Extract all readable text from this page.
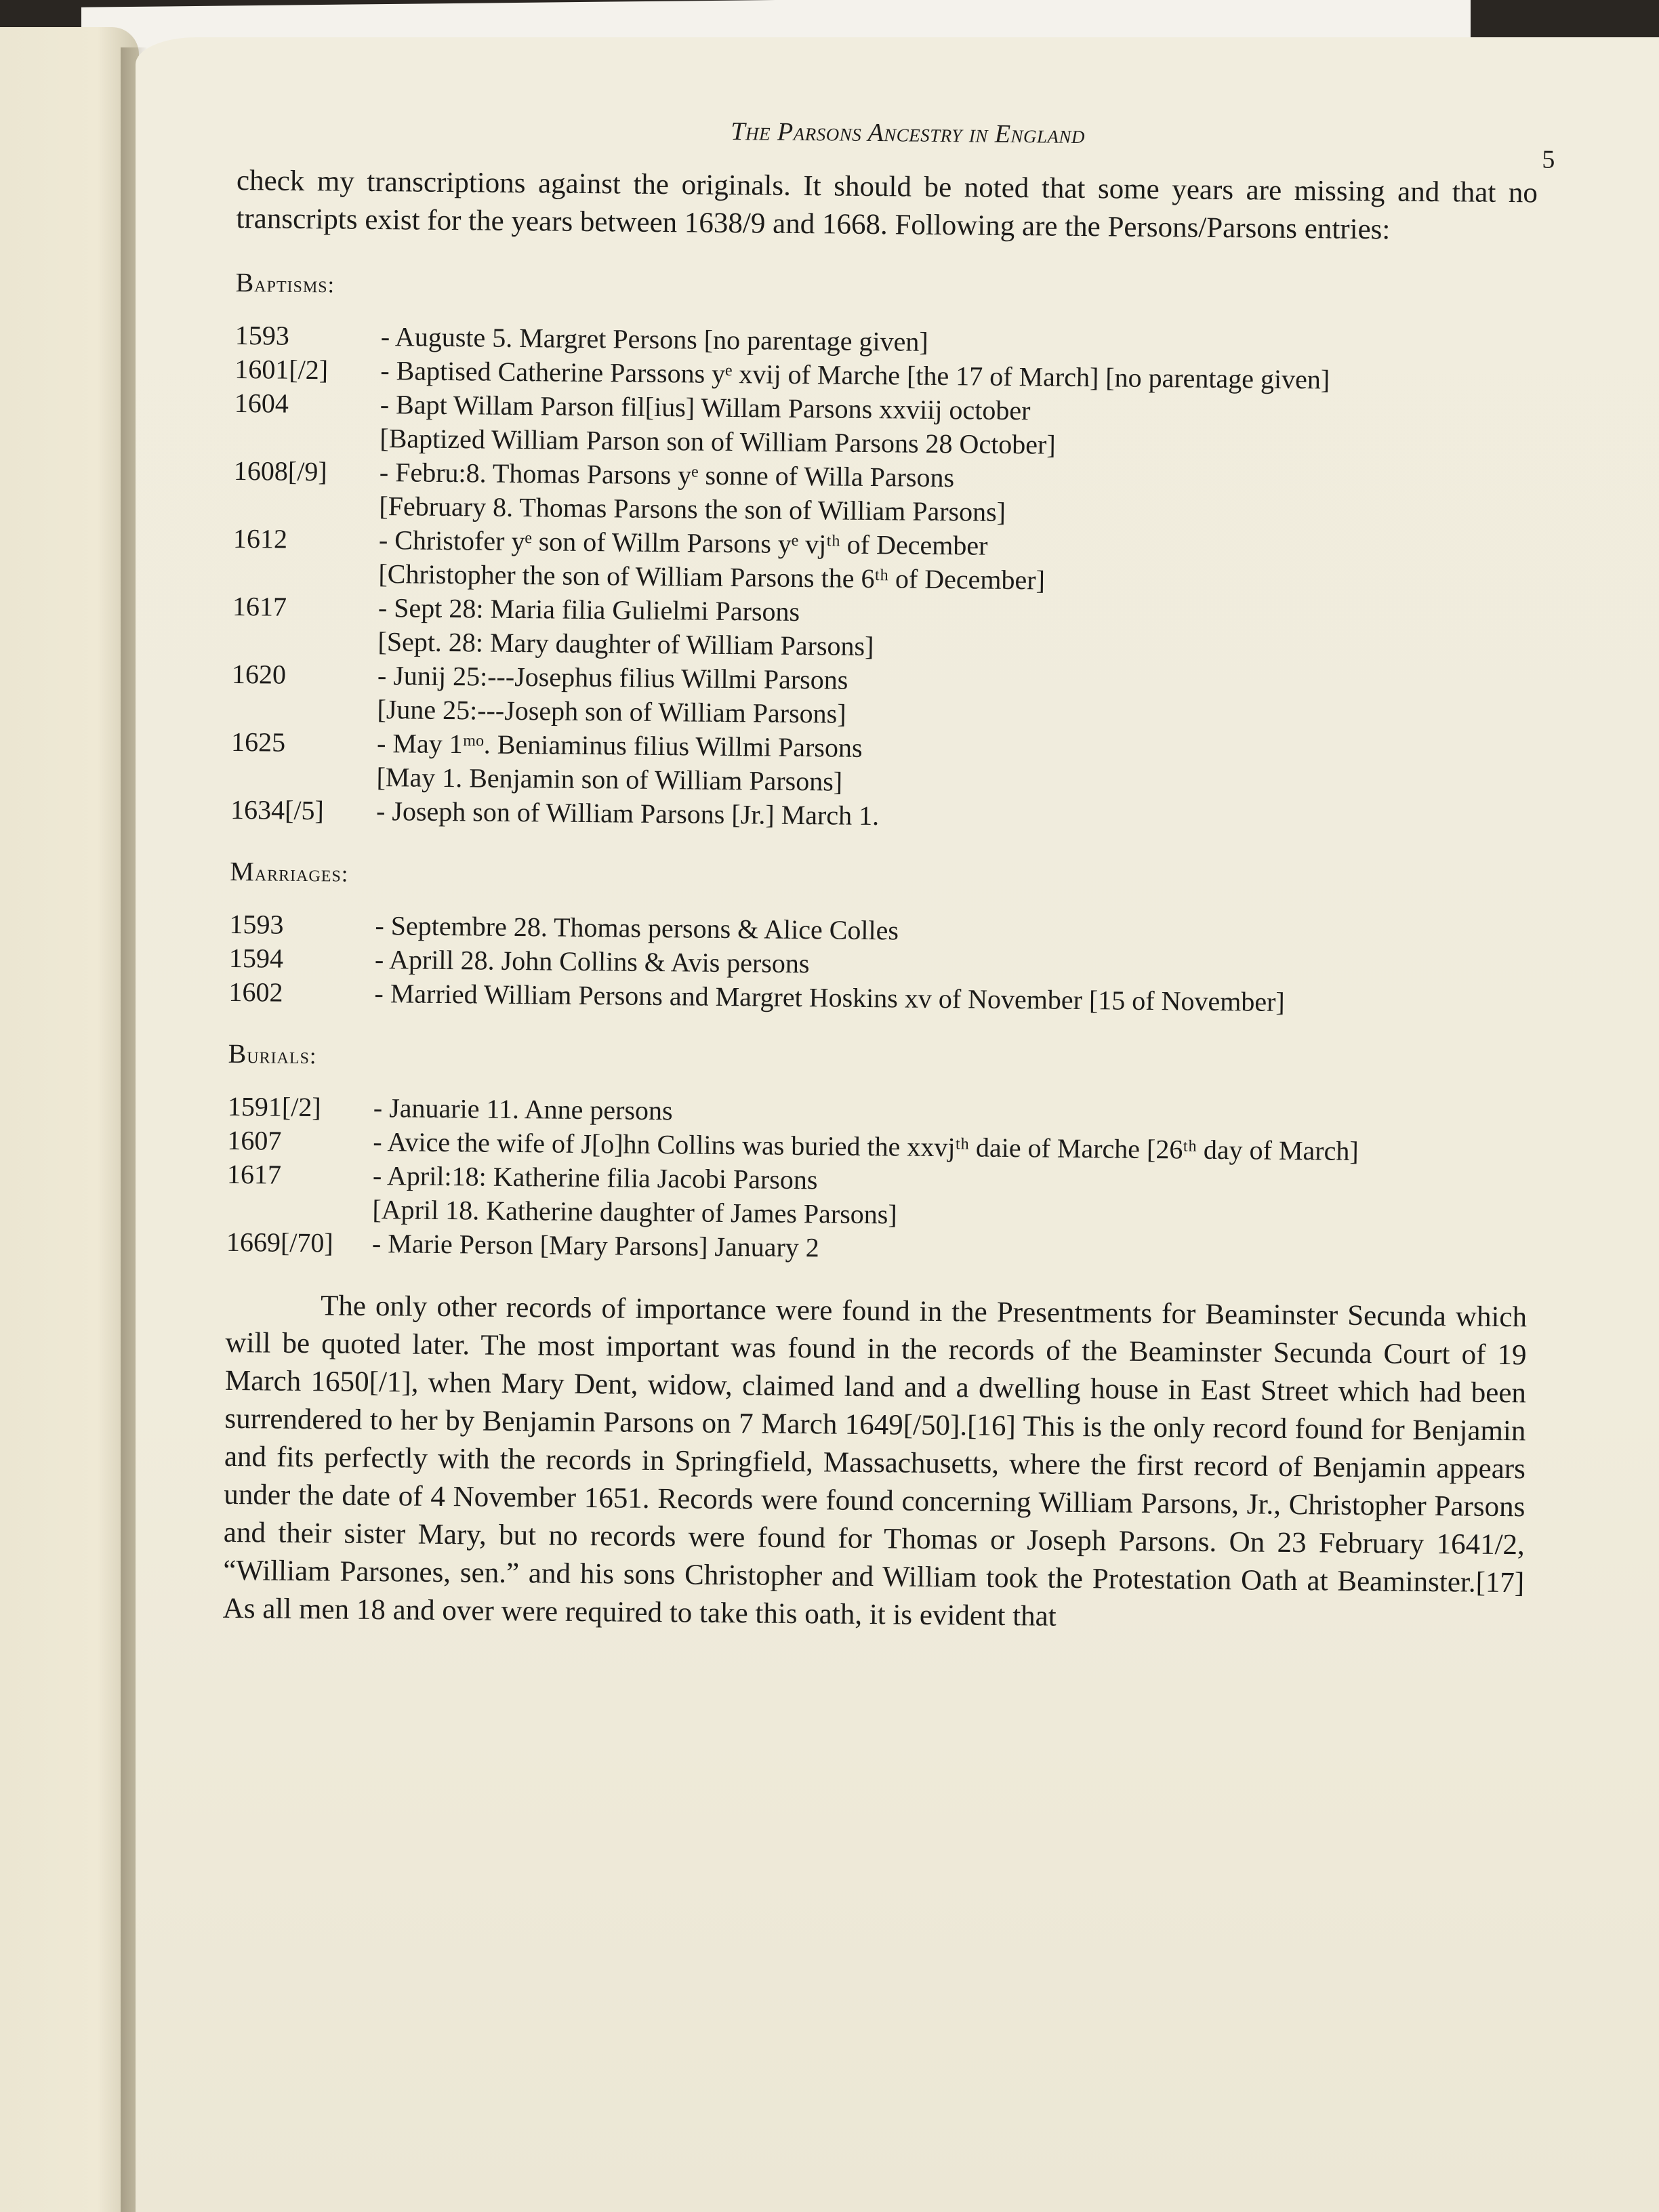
The Parsons Ancestry in England
5

check my transcriptions against the originals. It should be noted that some years are missing and that no transcripts exist for the years between 1638/9 and 1668. Following are the Persons/Parsons entries:

Baptisms:
1593	- Auguste 5. Margret Persons [no parentage given]
1601[/2]	- Baptised Catherine Parssons yᵉ xvij of Marche [the 17 of March] [no parentage given]
1604	- Bapt Willam Parson fil[ius] Willam Parsons xxviij october
[Baptized William Parson son of William Parsons 28 October]
1608[/9]	- Febru:8. Thomas Parsons yᵉ sonne of Willa Parsons
[February 8. Thomas Parsons the son of William Parsons]
1612	- Christofer yᵉ son of Willm Parsons yᵉ vjᵗʰ of December
[Christopher the son of William Parsons the 6ᵗʰ of December]
1617	- Sept 28: Maria filia Gulielmi Parsons
[Sept. 28: Mary daughter of William Parsons]
1620	- Junij 25:---Josephus filius Willmi Parsons
[June 25:---Joseph son of William Parsons]
1625	- May 1ᵐᵒ. Beniaminus filius Willmi Parsons
[May 1. Benjamin son of William Parsons]
1634[/5]	- Joseph son of William Parsons [Jr.] March 1.
Marriages:
1593	- Septembre 28. Thomas persons & Alice Colles
1594	- Aprill 28. John Collins & Avis persons
1602	- Married William Persons and Margret Hoskins xv of November [15 of November]
Burials:
1591[/2]	- Januarie 11. Anne persons
1607	- Avice the wife of J[o]hn Collins was buried the xxvjᵗʰ daie of Marche [26ᵗʰ day of March]
1617	- April:18: Katherine filia Jacobi Parsons
[April 18. Katherine daughter of James Parsons]
1669[/70]	- Marie Person [Mary Parsons] January 2

The only other records of importance were found in the Presentments for Beaminster Secunda which will be quoted later. The most important was found in the records of the Beaminster Secunda Court of 19 March 1650[/1], when Mary Dent, widow, claimed land and a dwelling house in East Street which had been surrendered to her by Benjamin Parsons on 7 March 1649[/50].[16] This is the only record found for Benjamin and fits perfectly with the records in Springfield, Massachusetts, where the first record of Benjamin appears under the date of 4 November 1651. Records were found concerning William Parsons, Jr., Christopher Parsons and their sister Mary, but no records were found for Thomas or Joseph Parsons. On 23 February 1641/2, “William Parsones, sen.” and his sons Christopher and William took the Protestation Oath at Beaminster.[17] As all men 18 and over were required to take this oath, it is evident that
